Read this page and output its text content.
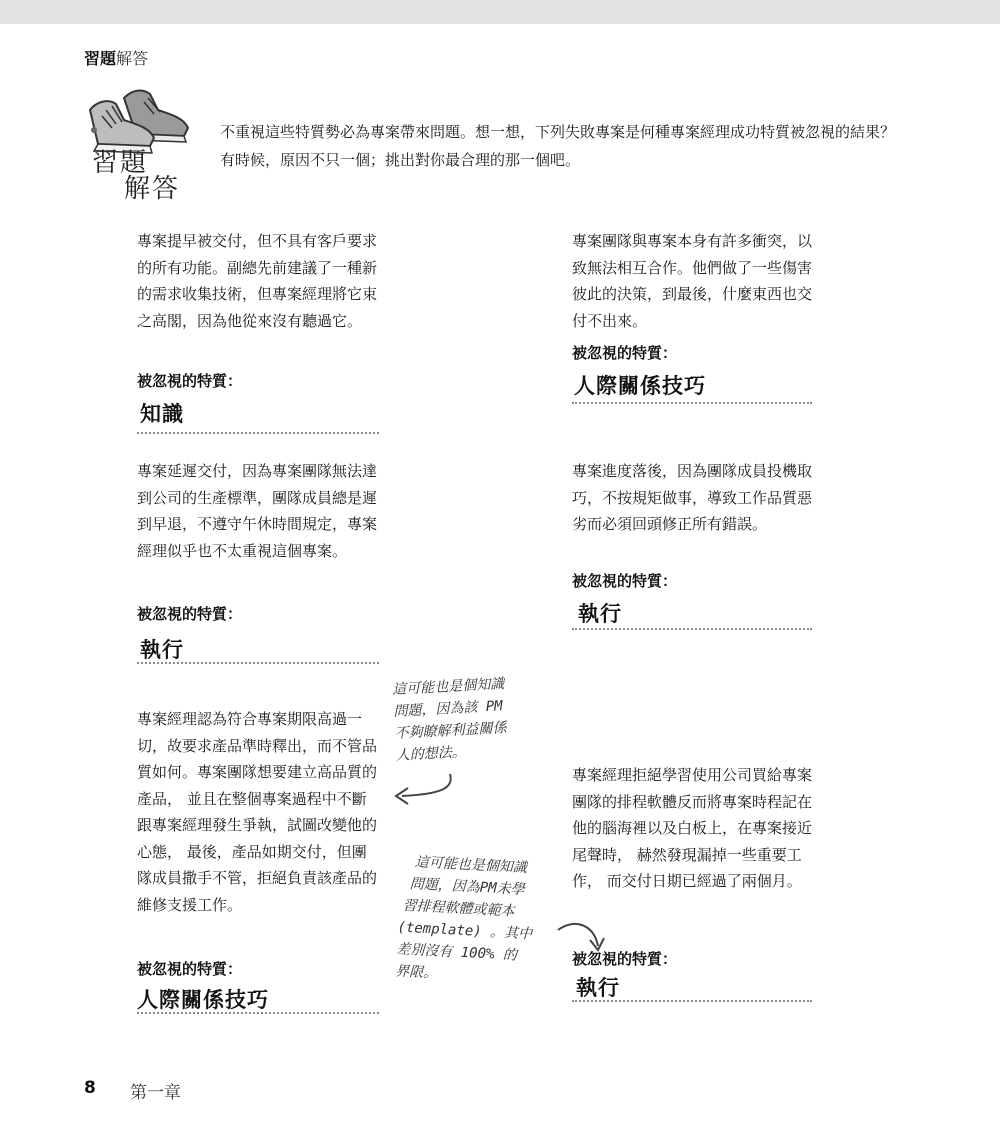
習題解答
習題
解答
不重視這些特質勢必為專案帶來問題。想一想，下列失敗專案是何種專案經理成功特質被忽視的結果？有時候，原因不只一個；挑出對你最合理的那一個吧。

專案提早被交付，但不具有客戶要求的所有功能。副總先前建議了一種新的需求收集技術，但專案經理將它束之高閣，因為他從來沒有聽過它。

被忽視的特質：
知識

專案團隊與專案本身有許多衝突，以致無法相互合作。他們做了一些傷害彼此的決策，到最後，什麼東西也交付不出來。

被忽視的特質：
人際關係技巧

專案延遲交付，因為專案團隊無法達到公司的生產標準，團隊成員總是遲到早退，不遵守午休時間規定，專案經理似乎也不太重視這個專案。

被忽視的特質：
執行

專案進度落後，因為團隊成員投機取巧，不按規矩做事，導致工作品質惡劣而必須回頭修正所有錯誤。

被忽視的特質：
執行

專案經理認為符合專案期限高過一切，故要求產品準時釋出，而不管品質如何。專案團隊想要建立高品質的產品， 並且在整個專案過程中不斷跟專案經理發生爭執，試圖改變他的心態， 最後，產品如期交付，但團隊成員撒手不管，拒絕負責該產品的維修支援工作。

被忽視的特質：
人際關係技巧

專案經理拒絕學習使用公司買給專案團隊的排程軟體反而將專案時程記在他的腦海裡以及白板上，在專案接近尾聲時， 赫然發現漏掉一些重要工作， 而交付日期已經過了兩個月。

被忽視的特質：
執行
這可能也是個知識
問題，因為該 PM
不夠瞭解利益關係
人的想法。
這可能也是個知識
問題，因為PM未學
習排程軟體或範本
(template) 。其中
差別沒有 100% 的
界限。
8 第一章
